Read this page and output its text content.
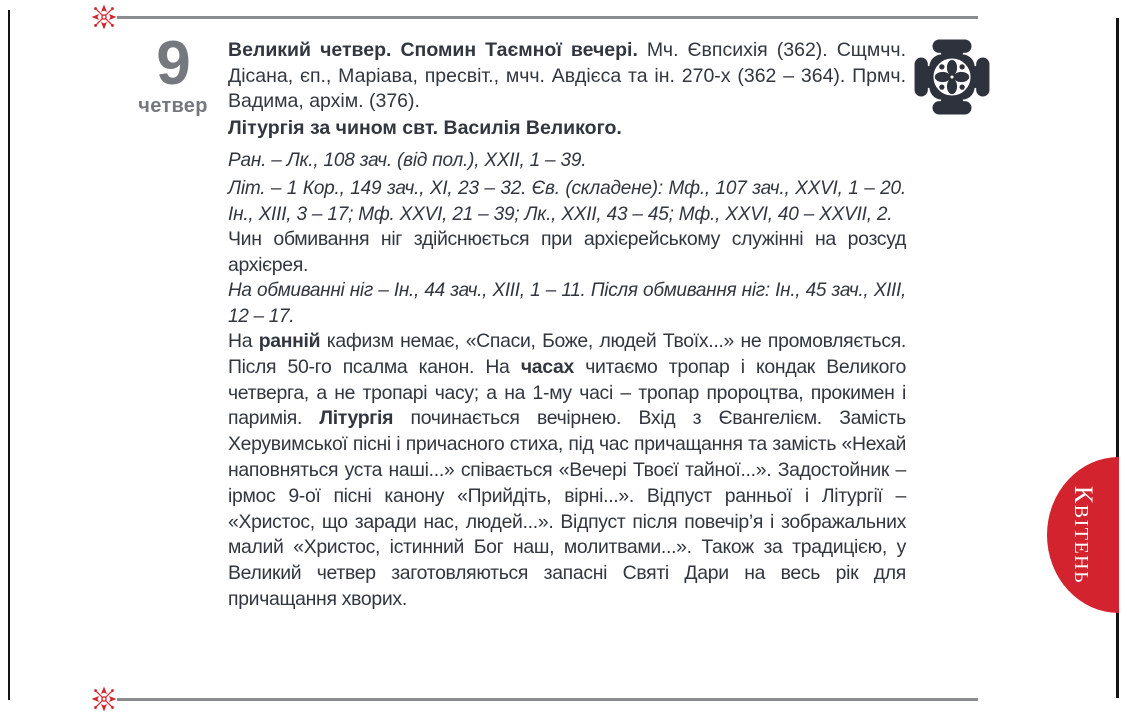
9
четвер
КВІТЕНЬ

Великий четвер. Спомин Таємної вечері. Мч. Євпсихія (362). Сщмчч. Дісана, єп., Маріава, пресвіт., мчч. Авдієса та ін. 270-х (362 – 364). Прмч. Вадима, архім. (376).

Літургія за чином свт. Василія Великого.

Ран. – Лк., 108 зач. (від пол.), XXII, 1 – 39.

Літ. – 1 Кор., 149 зач., XI, 23 – 32. Єв. (складене): Мф., 107 зач., XXVI, 1 – 20. Ін., XIII, 3 – 17; Мф. XXVI, 21 – 39; Лк., XXII, 43 – 45; Мф., XXVI, 40 – XXVII, 2.

Чин обмивання ніг здійснюється при архієрейському служінні на розсуд архієрея.

На обмиванні ніг – Ін., 44 зач., XIII, 1 – 11. Після обмивання ніг: Ін., 45 зач., XIII, 12 – 17.

На ранній кафизм немає, «Спаси, Боже, людей Твоїх...» не промовляється. Після 50-го псалма канон. На часах читаємо тропар і кондак Великого четверга, а не тропарі часу; а на 1-му часі – тропар пророцтва, прокимен і паримія. Літургія починається вечірнею. Вхід з Євангелієм. Замість Херувимської пісні і причасного стиха, під час причащання та замість «Нехай наповняться уста наші...» співається «Вечері Твоєї тайної...». Задостойник – ірмос 9-ої пісні канону «Прийдіть, вірні...». Відпуст ранньої і Літургії – «Христос, що заради нас, людей...». Відпуст після повечір’я і зображальних малий «Христос, істинний Бог наш, молитвами...». Також за традицією, у Великий четвер заготовляються запасні Святі Дари на весь рік для причащання хворих.
